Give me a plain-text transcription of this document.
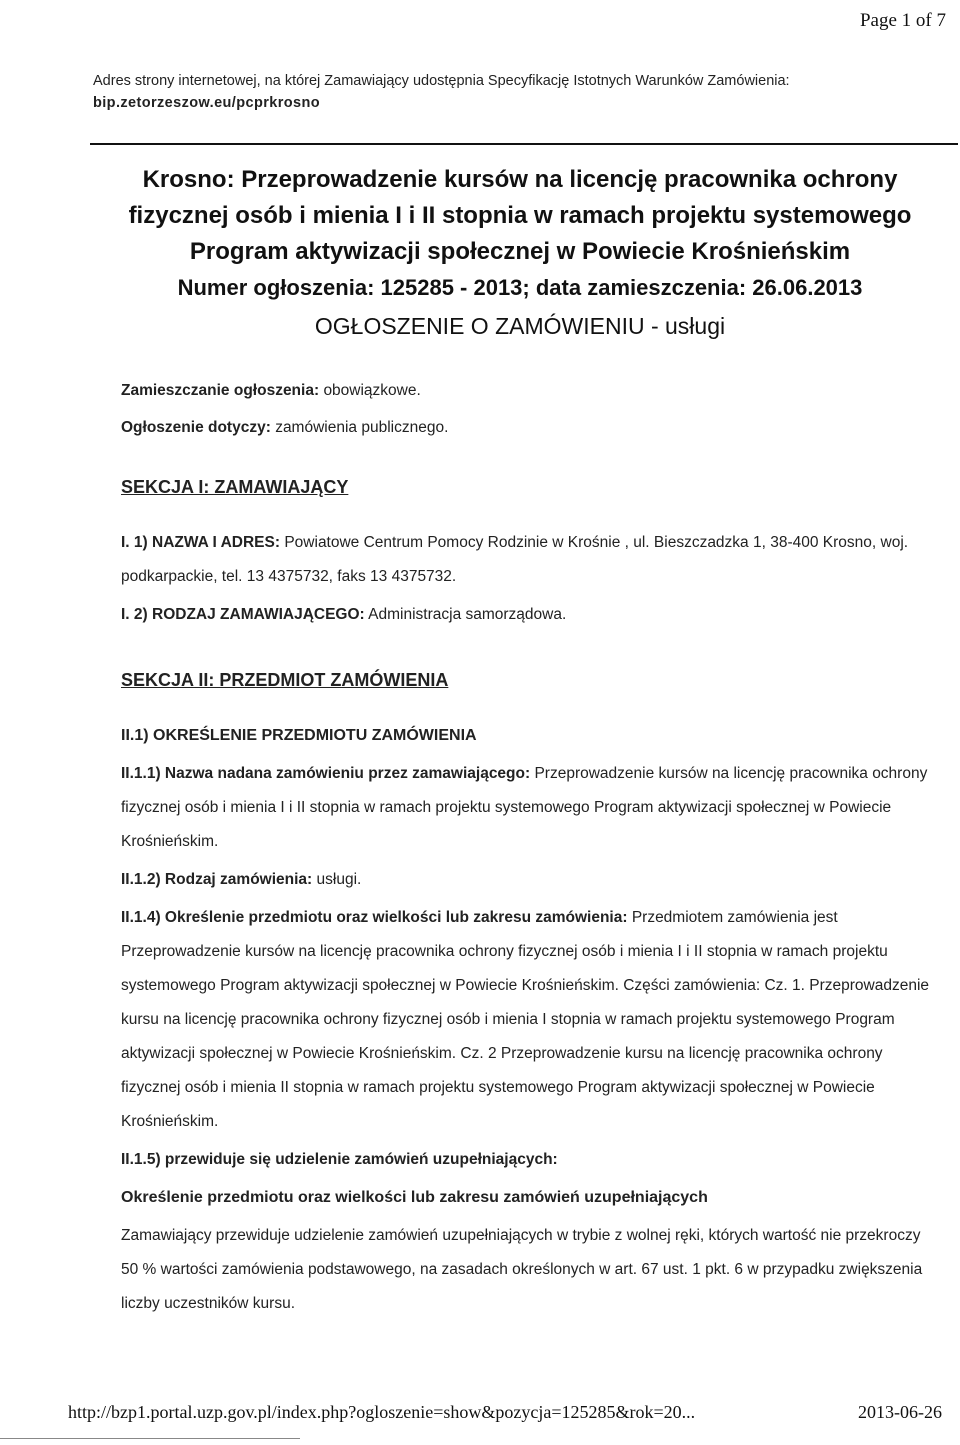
Page 1 of 7
Adres strony internetowej, na której Zamawiający udostępnia Specyfikację Istotnych Warunków Zamówienia:
bip.zetorzeszow.eu/pcprkrosno
Krosno: Przeprowadzenie kursów na licencję pracownika ochrony fizycznej osób i mienia I i II stopnia w ramach projektu systemowego Program aktywizacji społecznej w Powiecie Krośnieńskim
Numer ogłoszenia: 125285 - 2013; data zamieszczenia: 26.06.2013
OGŁOSZENIE O ZAMÓWIENIU - usługi
Zamieszczanie ogłoszenia: obowiązkowe.
Ogłoszenie dotyczy: zamówienia publicznego.
SEKCJA I: ZAMAWIAJĄCY

I. 1) NAZWA I ADRES: Powiatowe Centrum Pomocy Rodzinie w Krośnie , ul. Bieszczadzka 1, 38-400 Krosno, woj. podkarpackie, tel. 13 4375732, faks 13 4375732.

I. 2) RODZAJ ZAMAWIAJĄCEGO: Administracja samorządowa.

SEKCJA II: PRZEDMIOT ZAMÓWIENIA
II.1) OKREŚLENIE PRZEDMIOTU ZAMÓWIENIA

II.1.1) Nazwa nadana zamówieniu przez zamawiającego: Przeprowadzenie kursów na licencję pracownika ochrony fizycznej osób i mienia I i II stopnia w ramach projektu systemowego Program aktywizacji społecznej w Powiecie Krośnieńskim.

II.1.2) Rodzaj zamówienia: usługi.

II.1.4) Określenie przedmiotu oraz wielkości lub zakresu zamówienia: Przedmiotem zamówienia jest Przeprowadzenie kursów na licencję pracownika ochrony fizycznej osób i mienia I i II stopnia w ramach projektu systemowego Program aktywizacji społecznej w Powiecie Krośnieńskim. Części zamówienia: Cz. 1. Przeprowadzenie kursu na licencję pracownika ochrony fizycznej osób i mienia I stopnia w ramach projektu systemowego Program aktywizacji społecznej w Powiecie Krośnieńskim. Cz. 2 Przeprowadzenie kursu na licencję pracownika ochrony fizycznej osób i mienia II stopnia w ramach projektu systemowego Program aktywizacji społecznej w Powiecie Krośnieńskim.

II.1.5) przewiduje się udzielenie zamówień uzupełniających:

Określenie przedmiotu oraz wielkości lub zakresu zamówień uzupełniających

Zamawiający przewiduje udzielenie zamówień uzupełniających w trybie z wolnej ręki, których wartość nie przekroczy 50 % wartości zamówienia podstawowego, na zasadach określonych w art. 67 ust. 1 pkt. 6 w przypadku zwiększenia liczby uczestników kursu.

http://bzp1.portal.uzp.gov.pl/index.php?ogloszenie=show&pozycja=125285&rok=20...	2013-06-26
